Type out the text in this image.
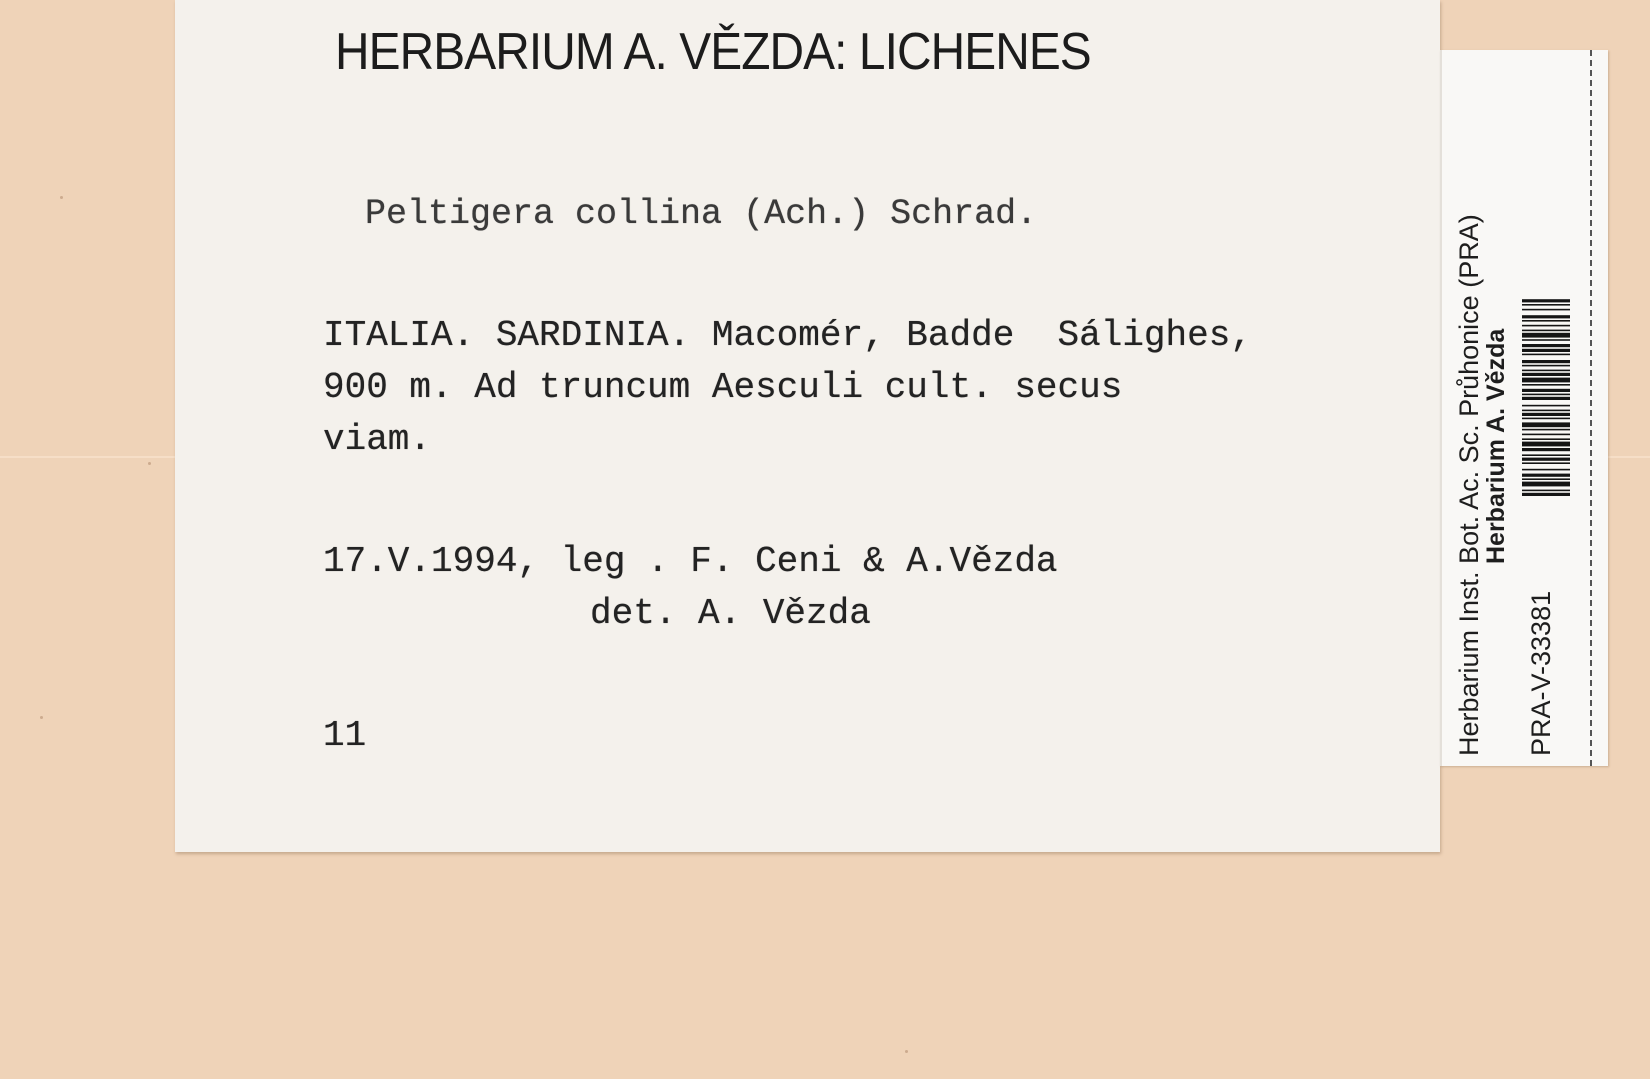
HERBARIUM A. VĚZDA: LICHENES
Peltigera collina (Ach.) Schrad.
ITALIA. SARDINIA. Macomér, Badde  Sálighes,
900 m. Ad truncum Aesculi cult. secus
viam.
17.V.1994, leg . F. Ceni & A.Vězda
det. A. Vězda
11	Herbarium Inst. Bot. Ac. Sc. Průhonice (PRA)
Herbarium A. Vězda
PRA-V-33381
